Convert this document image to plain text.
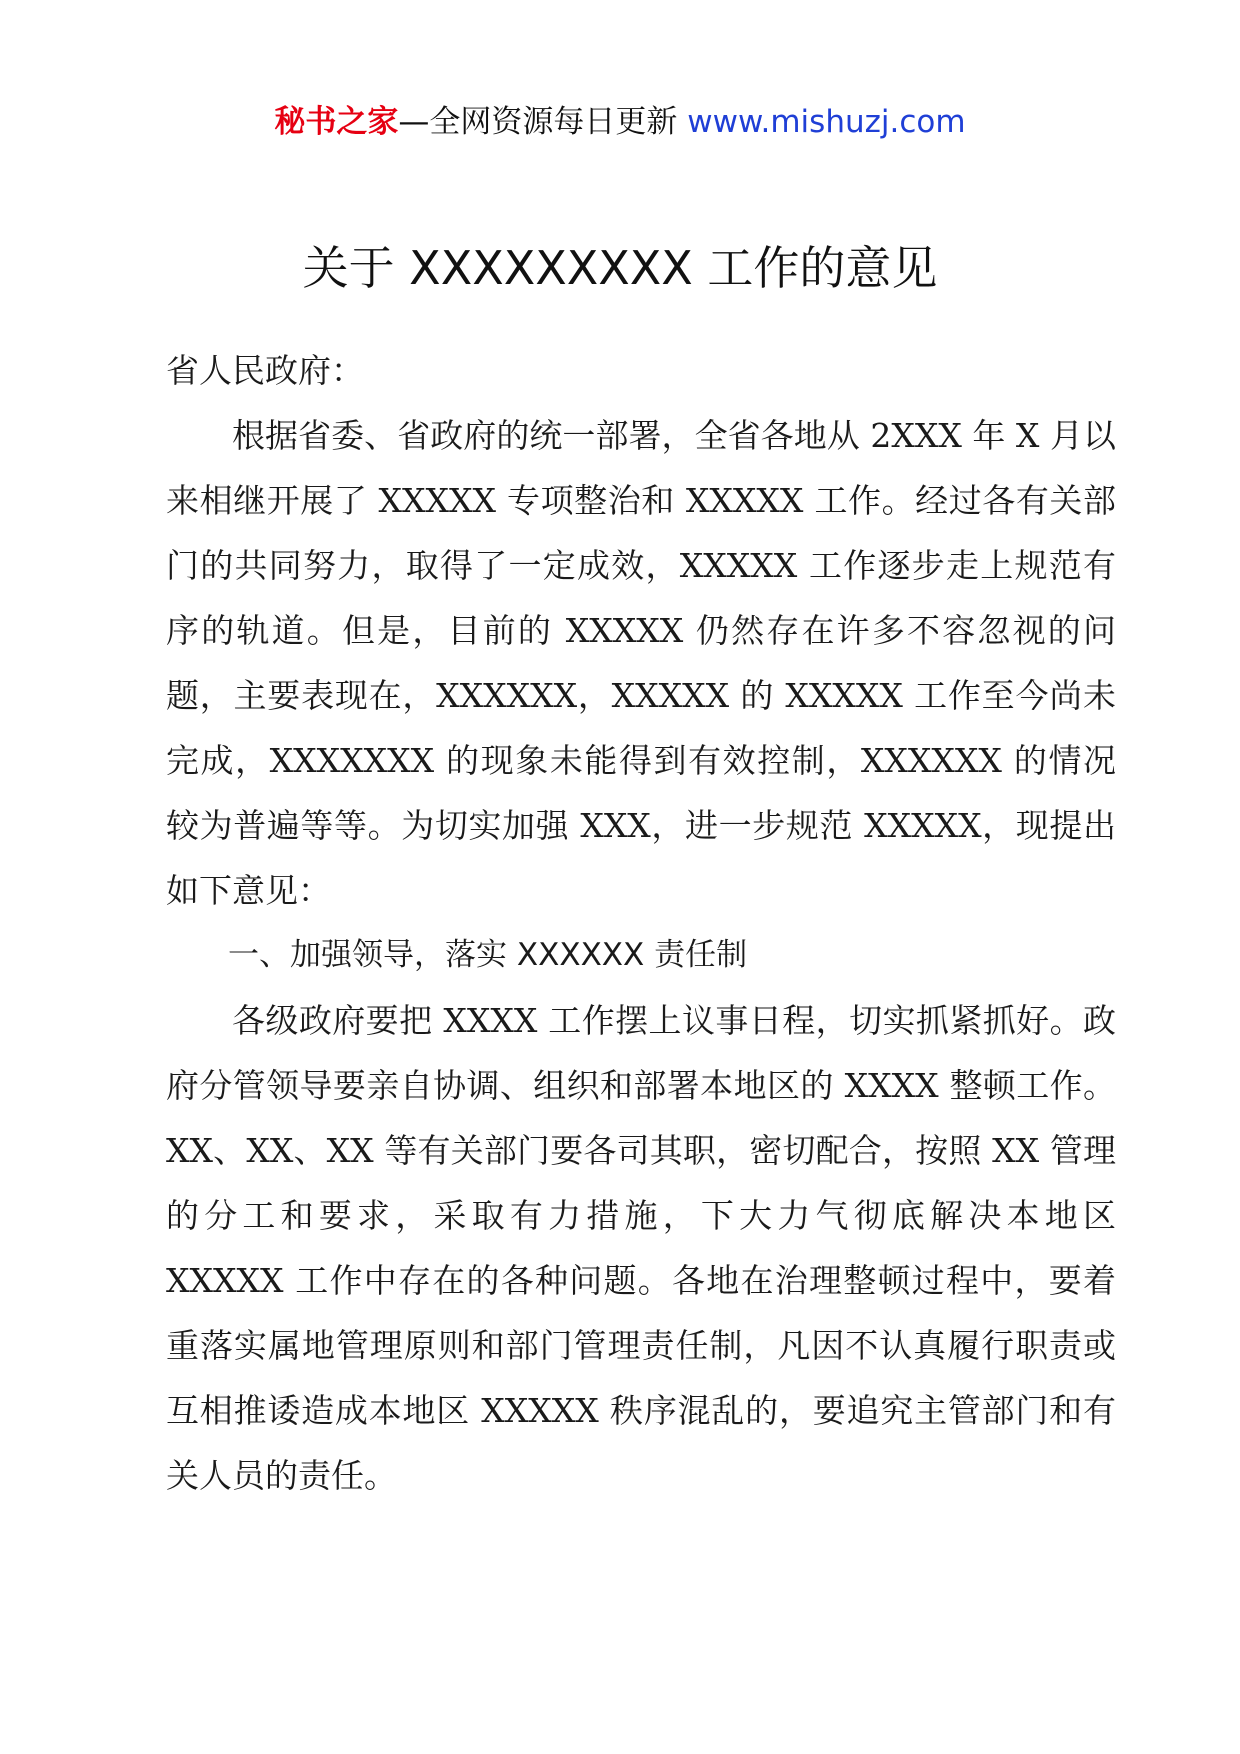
秘书之家—全网资源每日更新 www.mishuzj.com
关于 XXXXXXXXX 工作的意见

省人民政府：

根据省委、省政府的统一部署，全省各地从 2XXX 年 X 月以来相继开展了 XXXXX 专项整治和 XXXXX 工作。经过各有关部门的共同努力，取得了一定成效，XXXXX 工作逐步走上规范有序的轨道。但是，目前的 XXXXX 仍然存在许多不容忽视的问题，主要表现在，XXXXXX，XXXXX 的 XXXXX 工作至今尚未完成，XXXXXXX 的现象未能得到有效控制，XXXXXX 的情况较为普遍等等。为切实加强 XXX，进一步规范 XXXXX，现提出如下意见：

一、加强领导，落实 XXXXXX 责任制

各级政府要把 XXXX 工作摆上议事日程，切实抓紧抓好。政府分管领导要亲自协调、组织和部署本地区的 XXXX 整顿工作。XX、XX、XX 等有关部门要各司其职，密切配合，按照 XX 管理的分工和要求，采取有力措施，下大力气彻底解决本地区 XXXXX 工作中存在的各种问题。各地在治理整顿过程中，要着重落实属地管理原则和部门管理责任制，凡因不认真履行职责或互相推诿造成本地区 XXXXX 秩序混乱的，要追究主管部门和有关人员的责任。
